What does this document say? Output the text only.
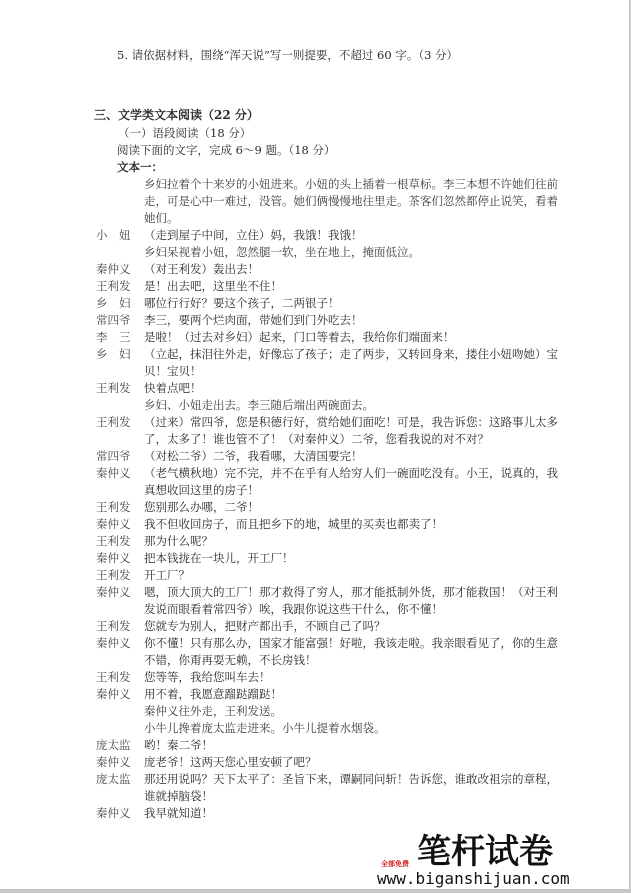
5. 请依据材料，围绕“浑天说”写一则提要，不超过 60 字。（3 分）
三、文学类文本阅读（22 分）
（一）语段阅读（18 分）
阅读下面的文字，完成 6～9 题。（18 分）
文本一：
乡妇拉着个十来岁的小妞进来。小妞的头上插着一根草标。李三本想不许她们往前走，可是心中一难过，没管。她们俩慢慢地往里走。茶客们忽然都停止说笑，看着她们。
小　妞	（走到屋子中间，立住）妈，我饿！我饿！
乡妇呆视着小妞，忽然腿一软，坐在地上，掩面低泣。
秦仲义	（对王利发）轰出去！
王利发	是！出去吧，这里坐不住！
乡　妇	哪位行行好？要这个孩子，二两银子！
常四爷	李三，要两个烂肉面，带她们到门外吃去！
李　三	是啦！（过去对乡妇）起来，门口等着去，我给你们端面来！
乡　妇	（立起，抹泪往外走，好像忘了孩子；走了两步，又转回身来，搂住小妞吻她）宝贝！宝贝！
王利发	快着点吧！
乡妇、小妞走出去。李三随后端出两碗面去。
王利发	（过来）常四爷，您是积德行好，赏给她们面吃！可是，我告诉您：这路事儿太多了，太多了！谁也管不了！（对秦仲义）二爷，您看我说的对不对？
常四爷	（对松二爷）二爷，我看哪，大清国要完！
秦仲义	（老气横秋地）完不完，并不在乎有人给穷人们一碗面吃没有。小王，说真的，我真想收回这里的房子！
王利发	您别那么办哪，二爷！
秦仲义	我不但收回房子，而且把乡下的地，城里的买卖也都卖了！
王利发	那为什么呢？
秦仲义	把本钱拢在一块儿，开工厂！
王利发	开工厂？
秦仲义	嗯，顶大顶大的工厂！那才救得了穷人，那才能抵制外货，那才能救国！（对王利发说而眼看着常四爷）唉，我跟你说这些干什么，你不懂！
王利发	您就专为别人，把财产都出手，不顾自己了吗？
秦仲义	你不懂！只有那么办，国家才能富强！好啦，我该走啦。我亲眼看见了，你的生意不错，你甭再耍无赖，不长房钱！
王利发	您等等，我给您叫车去！
秦仲义	用不着，我愿意蹓跶蹓跶！
秦仲义往外走，王利发送。
小牛儿搀着庞太监走进来。小牛儿提着水烟袋。
庞太监	哟！秦二爷！
秦仲义	庞老爷！这两天您心里安顿了吧？
庞太监	那还用说吗？天下太平了：圣旨下来，谭嗣同问斩！告诉您，谁敢改祖宗的章程，谁就掉脑袋！
秦仲义	我早就知道！
笔杆试卷
全部免费
www.biganshijuan.com
